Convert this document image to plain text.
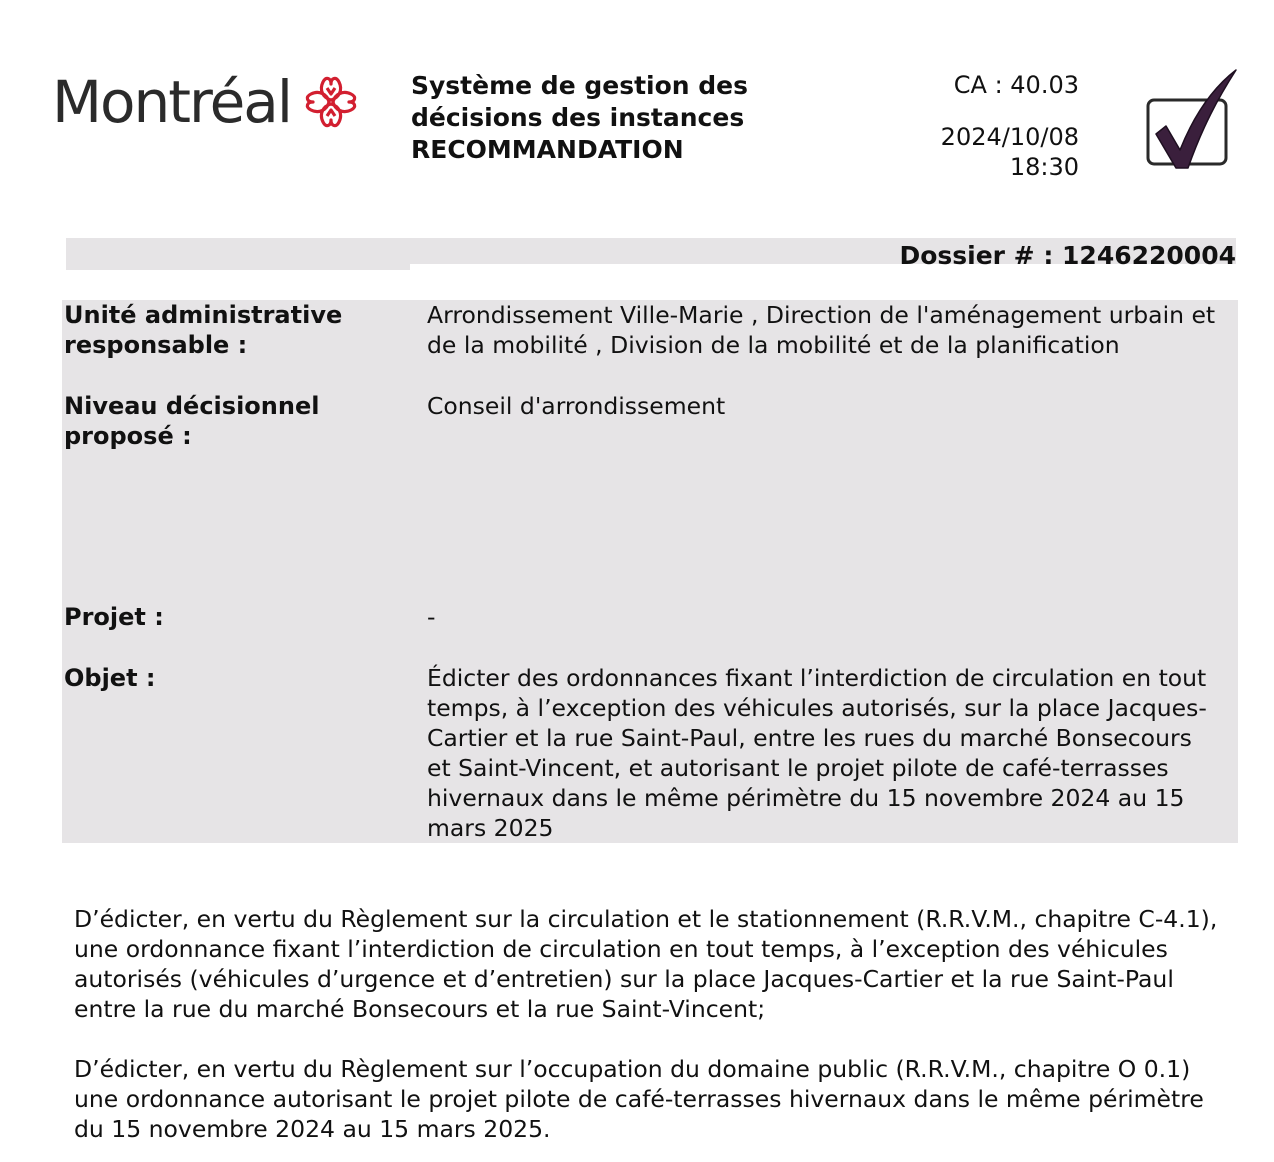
Montréal	Système de gestion des
décisions des instances
RECOMMANDATION
CA : 40.03
2024/10/08
18:30
Dossier # : 1246220004
Unité administrative responsable :
Arrondissement Ville-Marie , Direction de l'aménagement urbain et de la mobilité , Division de la mobilité et de la planification
Niveau décisionnel proposé :
Conseil d'arrondissement
Projet :	-
Objet :	Édicter des ordonnances fixant l’interdiction de circulation en tout temps, à l’exception des véhicules autorisés, sur la place Jacques-Cartier et la rue Saint-Paul, entre les rues du marché Bonsecours et Saint-Vincent, et autorisant le projet pilote de café-terrasses hivernaux dans le même périmètre du 15 novembre 2024 au 15 mars 2025
D’édicter, en vertu du Règlement sur la circulation et le stationnement (R.R.V.M., chapitre C-4.1), une ordonnance fixant l’interdiction de circulation en tout temps, à l’exception des véhicules autorisés (véhicules d’urgence et d’entretien) sur la place Jacques-Cartier et la rue Saint-Paul entre la rue du marché Bonsecours et la rue Saint-Vincent;
D’édicter, en vertu du Règlement sur l’occupation du domaine public (R.R.V.M., chapitre O 0.1) une ordonnance autorisant le projet pilote de café-terrasses hivernaux dans le même périmètre du 15 novembre 2024 au 15 mars 2025.
